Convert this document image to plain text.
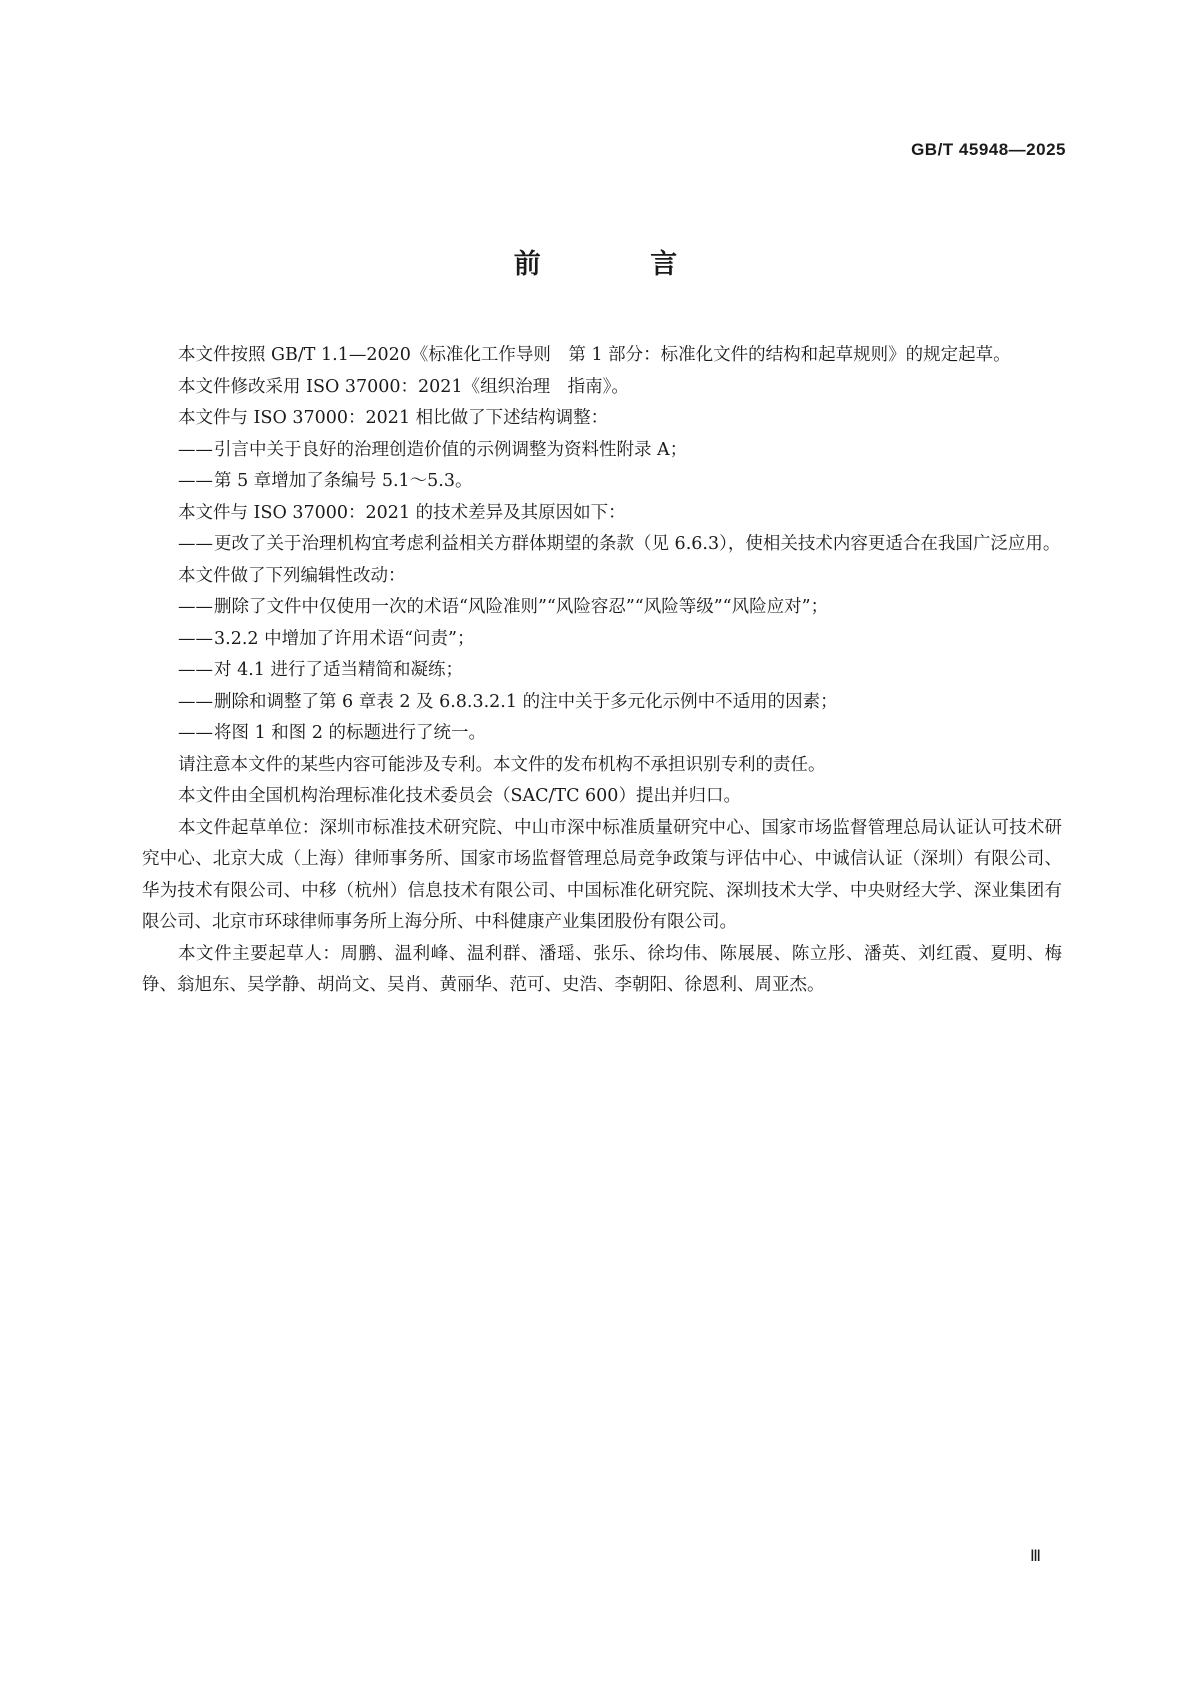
GB/T 45948—2025
前 言

本文件按照 GB/T 1.1—2020《标准化工作导则　第 1 部分：标准化文件的结构和起草规则》的规定起草。

本文件修改采用 ISO 37000：2021《组织治理　指南》。

本文件与 ISO 37000：2021 相比做了下述结构调整：

——引言中关于良好的治理创造价值的示例调整为资料性附录 A；

——第 5 章增加了条编号 5.1～5.3。

本文件与 ISO 37000：2021 的技术差异及其原因如下：

——更改了关于治理机构宜考虑利益相关方群体期望的条款（见 6.6.3），使相关技术内容更适合在我国广泛应用。

本文件做了下列编辑性改动：

——删除了文件中仅使用一次的术语“风险准则”“风险容忍”“风险等级”“风险应对”；

——3.2.2 中增加了许用术语“问责”；

——对 4.1 进行了适当精简和凝练；

——删除和调整了第 6 章表 2 及 6.8.3.2.1 的注中关于多元化示例中不适用的因素；

——将图 1 和图 2 的标题进行了统一。

请注意本文件的某些内容可能涉及专利。本文件的发布机构不承担识别专利的责任。

本文件由全国机构治理标准化技术委员会（SAC/TC 600）提出并归口。

本文件起草单位：深圳市标准技术研究院、中山市深中标准质量研究中心、国家市场监督管理总局认证认可技术研究中心、北京大成（上海）律师事务所、国家市场监督管理总局竞争政策与评估中心、中诚信认证（深圳）有限公司、华为技术有限公司、中移（杭州）信息技术有限公司、中国标准化研究院、深圳技术大学、中央财经大学、深业集团有限公司、北京市环球律师事务所上海分所、中科健康产业集团股份有限公司。

本文件主要起草人：周鹏、温利峰、温利群、潘瑶、张乐、徐均伟、陈展展、陈立彤、潘英、刘红霞、夏明、梅铮、翁旭东、吴学静、胡尚文、吴肖、黄丽华、范可、史浩、李朝阳、徐恩利、周亚杰。

Ⅲ
